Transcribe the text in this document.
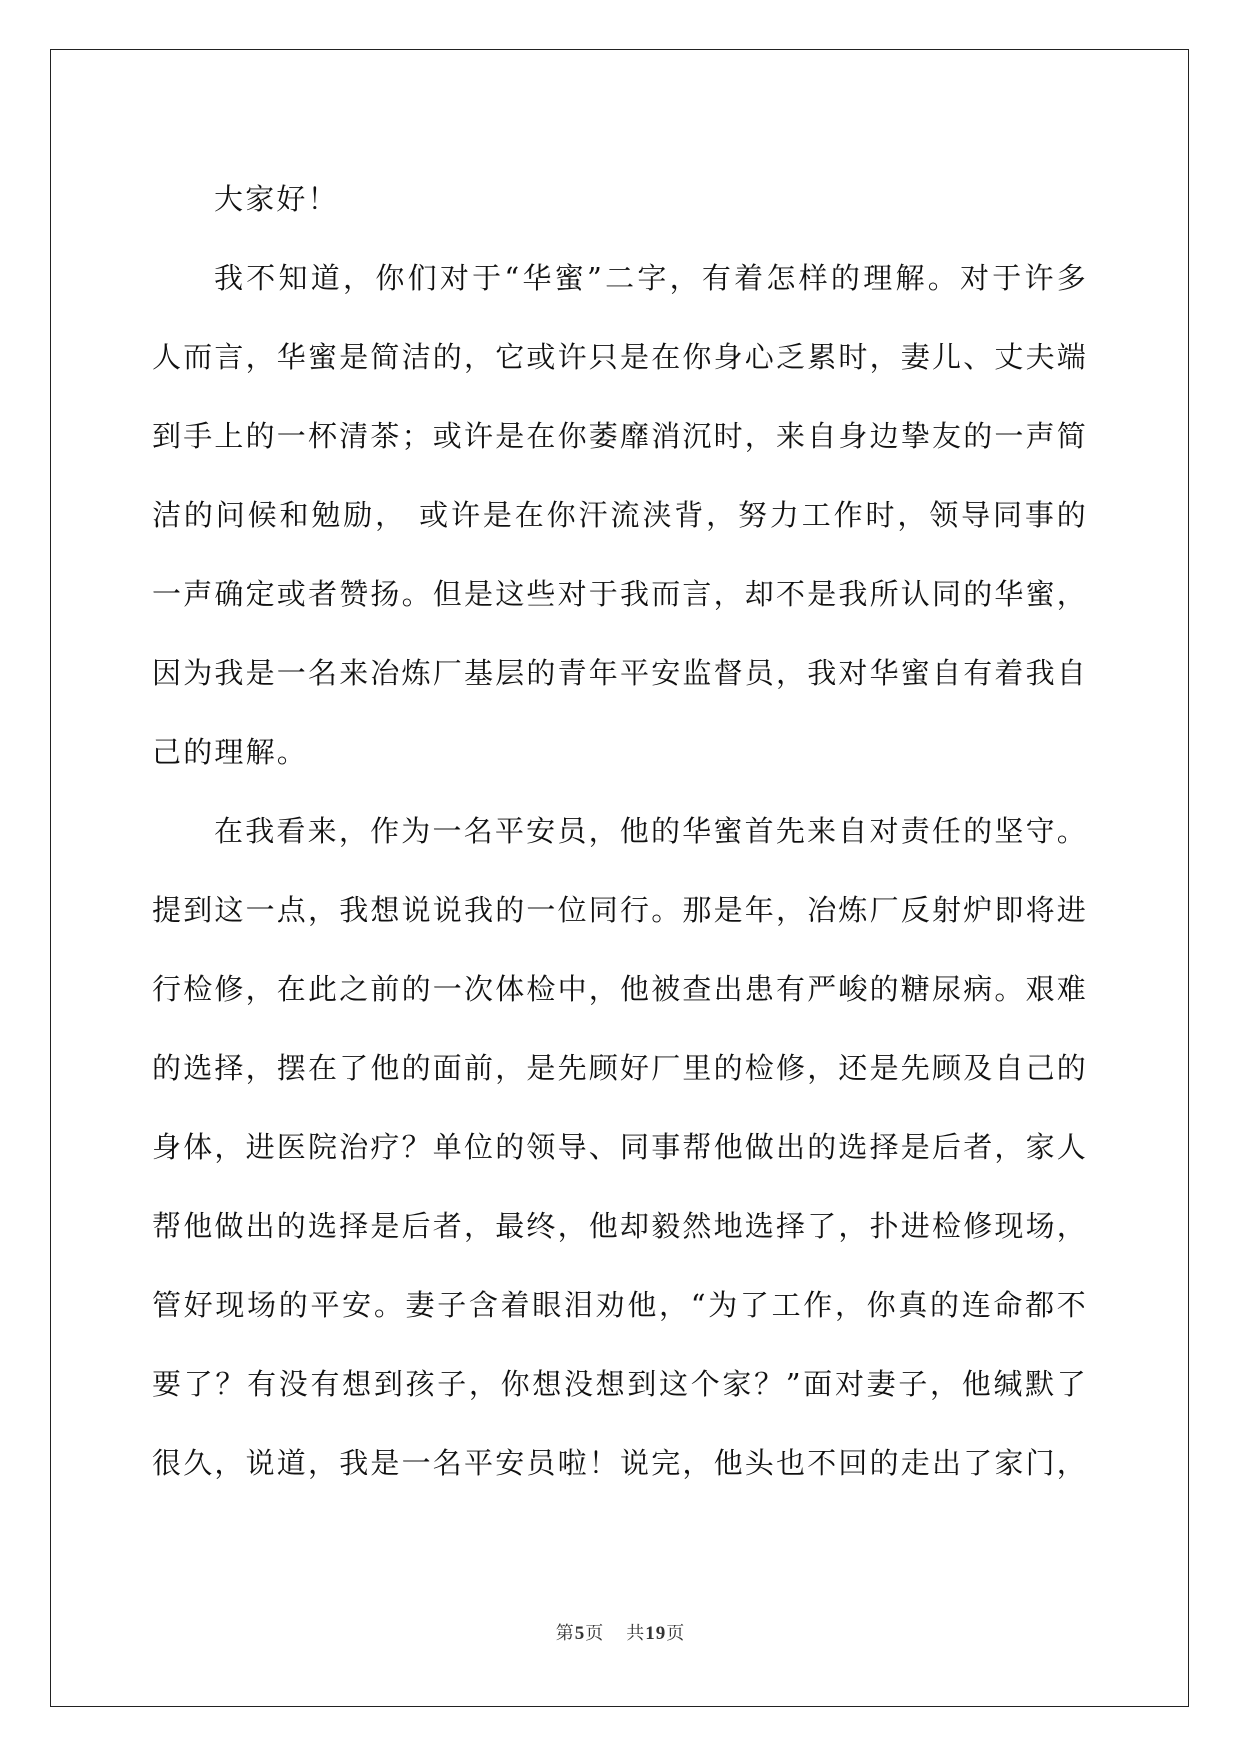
大家好！

我不知道，你们对于“华蜜”二字，有着怎样的理解。对于许多人而言，华蜜是简洁的，它或许只是在你身心乏累时，妻儿、丈夫端到手上的一杯清茶；或许是在你萎靡消沉时，来自身边挚友的一声简洁的问候和勉励， 或许是在你汗流浃背，努力工作时，领导同事的一声确定或者赞扬。但是这些对于我而言，却不是我所认同的华蜜，因为我是一名来冶炼厂基层的青年平安监督员，我对华蜜自有着我自己的理解。

在我看来，作为一名平安员，他的华蜜首先来自对责任的坚守。提到这一点，我想说说我的一位同行。那是年，冶炼厂反射炉即将进行检修，在此之前的一次体检中，他被查出患有严峻的糖尿病。艰难的选择，摆在了他的面前，是先顾好厂里的检修，还是先顾及自己的身体，进医院治疗？单位的领导、同事帮他做出的选择是后者，家人帮他做出的选择是后者，最终，他却毅然地选择了，扑进检修现场，管好现场的平安。妻子含着眼泪劝他，“为了工作，你真的连命都不要了？有没有想到孩子，你想没想到这个家？”面对妻子，他缄默了很久，说道，我是一名平安员啦！说完，他头也不回的走出了家门，

第5页 共19页
